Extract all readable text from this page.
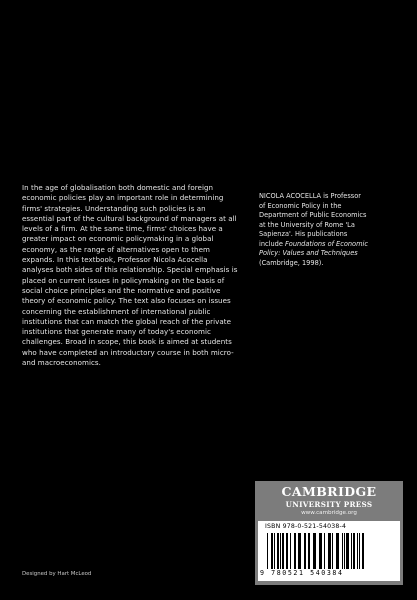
In the age of globalisation both domestic and foreign
economic policies play an important role in determining
firms' strategies. Understanding such policies is an
essential part of the cultural background of managers at all
levels of a firm. At the same time, firms' choices have a
greater impact on economic policymaking in a global
economy, as the range of alternatives open to them
expands. In this textbook, Professor Nicola Acocella
analyses both sides of this relationship. Special emphasis is
placed on current issues in policymaking on the basis of
social choice principles and the normative and positive
theory of economic policy. The text also focuses on issues
concerning the establishment of international public
institutions that can match the global reach of the private
institutions that generate many of today's economic
challenges. Broad in scope, this book is aimed at students
who have completed an introductory course in both micro-
and macroeconomics.
NICOLA ACOCELLA is Professor
of Economic Policy in the
Department of Public Economics
at the University of Rome 'La
Sapienza'. His publications
include Foundations of Economic
Policy: Values and Techniques
(Cambridge, 1998).
Designed by Hart McLeod
CAMBRIDGE
UNIVERSITY PRESS
www.cambridge.org
ISBN 978-0-521-54038-4
9 780521 540384
